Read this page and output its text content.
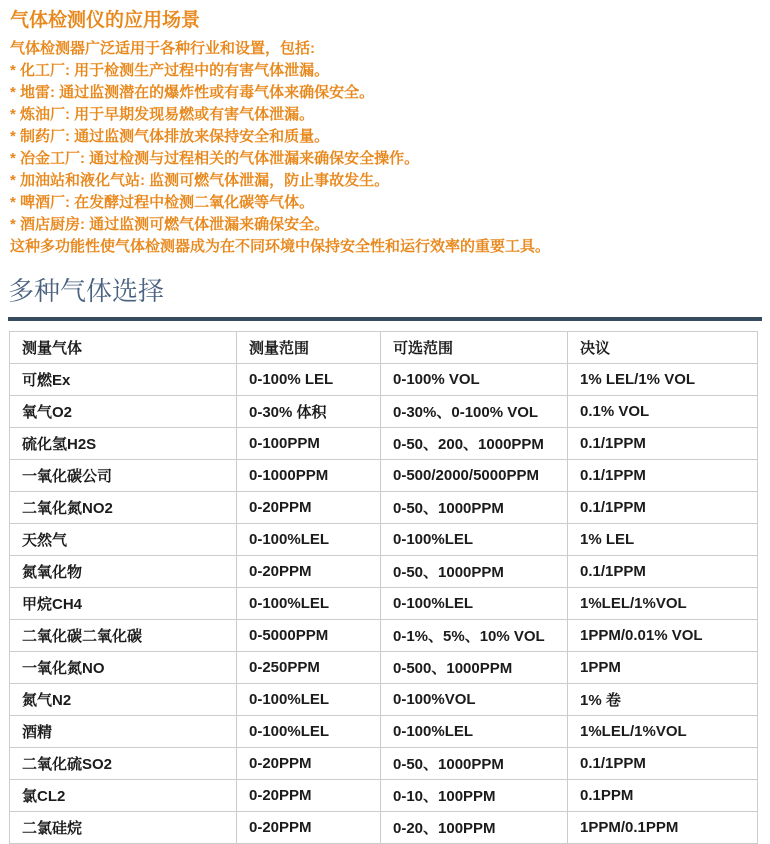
气体检测仪的应用场景

气体检测器广泛适用于各种行业和设置，包括:

* 化工厂: 用于检测生产过程中的有害气体泄漏。

* 地雷: 通过监测潜在的爆炸性或有毒气体来确保安全。

* 炼油厂: 用于早期发现易燃或有害气体泄漏。

* 制药厂: 通过监测气体排放来保持安全和质量。

* 冶金工厂: 通过检测与过程相关的气体泄漏来确保安全操作。

* 加油站和液化气站: 监测可燃气体泄漏，防止事故发生。

* 啤酒厂: 在发酵过程中检测二氧化碳等气体。

* 酒店厨房: 通过监测可燃气体泄漏来确保安全。

这种多功能性使气体检测器成为在不同环境中保持安全性和运行效率的重要工具。

多种气体选择
测量气体	测量范围	可选范围	决议
可燃Ex	0-100% LEL	0-100% VOL	1% LEL/1% VOL
氧气O2	0-30% 体积	0-30%、0-100% VOL	0.1% VOL
硫化氢H2S	0-100PPM	0-50、200、1000PPM	0.1/1PPM
一氧化碳公司	0-1000PPM	0-500/2000/5000PPM	0.1/1PPM
二氧化氮NO2	0-20PPM	0-50、1000PPM	0.1/1PPM
天然气	0-100%LEL	0-100%LEL	1% LEL
氮氧化物	0-20PPM	0-50、1000PPM	0.1/1PPM
甲烷CH4	0-100%LEL	0-100%LEL	1%LEL/1%VOL
二氧化碳二氧化碳	0-5000PPM	0-1%、5%、10% VOL	1PPM/0.01% VOL
一氧化氮NO	0-250PPM	0-500、1000PPM	1PPM
氮气N2	0-100%LEL	0-100%VOL	1% 卷
酒精	0-100%LEL	0-100%LEL	1%LEL/1%VOL
二氧化硫SO2	0-20PPM	0-50、1000PPM	0.1/1PPM
氯CL2	0-20PPM	0-10、100PPM	0.1PPM
二氯硅烷	0-20PPM	0-20、100PPM	1PPM/0.1PPM
